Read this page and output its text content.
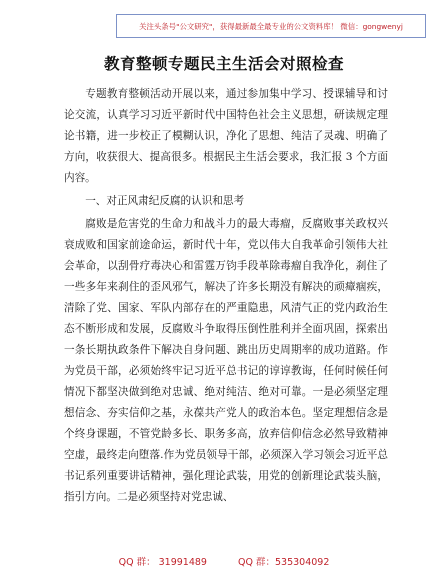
关注头条号"公文研究"，获得最新最全最专业的公文资料库！ 微信：gongwenyj
教育整顿专题民主生活会对照检查

专题教育整顿活动开展以来，通过参加集中学习、授课辅导和讨论交流，认真学习习近平新时代中国特色社会主义思想，研读规定理论书籍，进一步校正了模糊认识，净化了思想、纯洁了灵魂、明确了方向，收获很大、提高很多。根据民主生活会要求，我汇报 3 个方面内容。

一、对正风肃纪反腐的认识和思考

腐败是危害党的生命力和战斗力的最大毒瘤，反腐败事关政权兴衰成败和国家前途命运，新时代十年，党以伟大自我革命引领伟大社会革命，以刮骨疗毒决心和雷霆万钧手段革除毒瘤自我净化，刹住了一些多年来刹住的歪风邪气，解决了许多长期没有解决的顽瘴痼疾，清除了党、国家、军队内部存在的严重隐患，风清气正的党内政治生态不断形成和发展，反腐败斗争取得压倒性胜利并全面巩固，探索出一条长期执政条件下解决自身问题、跳出历史周期率的成功道路。作为党员干部，必须始终牢记习近平总书记的谆谆教诲，任何时候任何情况下都坚决做到绝对忠诚、绝对纯洁、绝对可靠。一是必须坚定理想信念、夯实信仰之基，永葆共产党人的政治本色。坚定理想信念是个终身课题，不管党龄多长、职务多高，放弃信仰信念必然导致精神空虚，最终走向堕落.作为党员领导干部，必须深入学习领会习近平总书记系列重要讲话精神，强化理论武装，用党的创新理论武装头脑，指引方向。二是必须坚持对党忠诚、

QQ 群： 31991489	QQ 群：535304092
